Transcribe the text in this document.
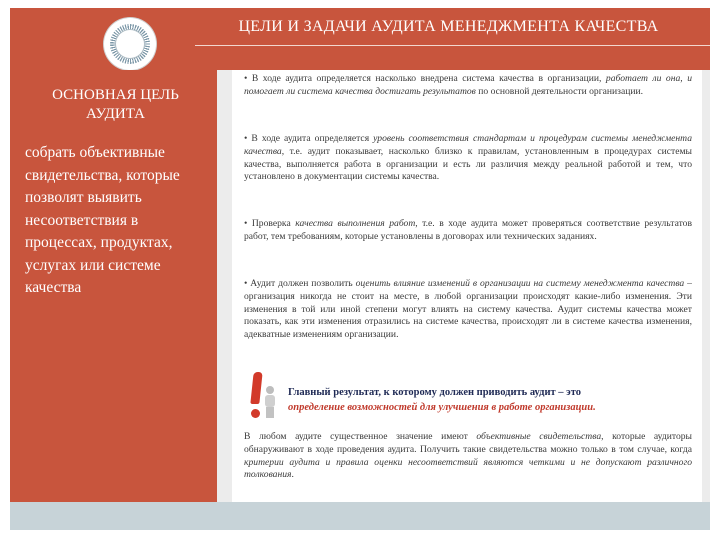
ЦЕЛИ И ЗАДАЧИ АУДИТА МЕНЕДЖМЕНТА КАЧЕСТВА
ОСНОВНАЯ ЦЕЛЬ
АУДИТА
собрать объективные свидетельства, которые позволят выявить несоответствия в процессах, продуктах, услугах или системе качества
• В ходе аудита определяется насколько внедрена система качества в организации, работает ли она, и помогает ли система качества достигать результатов по основной деятельности организации.
• В ходе аудита определяется уровень соответствия стандартам и процедурам системы менеджмента качества, т.е. аудит показывает, насколько близко к правилам, установленным в процедурах системы качества, выполняется работа в организации и есть ли различия между реальной работой и тем, что установлено в документации системы качества.
• Проверка качества выполнения работ, т.е. в ходе аудита может проверяться соответствие результатов работ, тем требованиям, которые установлены в договорах или технических заданиях.
• Аудит должен позволить оценить влияние изменений в организации на систему менеджмента качества – организация никогда не стоит на месте, в любой организации происходят какие-либо изменения. Эти изменения в той или иной степени могут влиять на систему качества. Аудит системы качества может показать, как эти изменения отразились на системе качества, происходят ли в системе качества изменения, адекватные изменениям организации.
Главный результат, к которому должен приводить аудит – это
определение возможностей для улучшения в работе организации.
В любом аудите существенное значение имеют объективные свидетельства, которые аудиторы обнаруживают в ходе проведения аудита. Получить такие свидетельства можно только в том случае, когда критерии аудита и правила оценки несоответствий являются четкими и не допускают различного толкования.
